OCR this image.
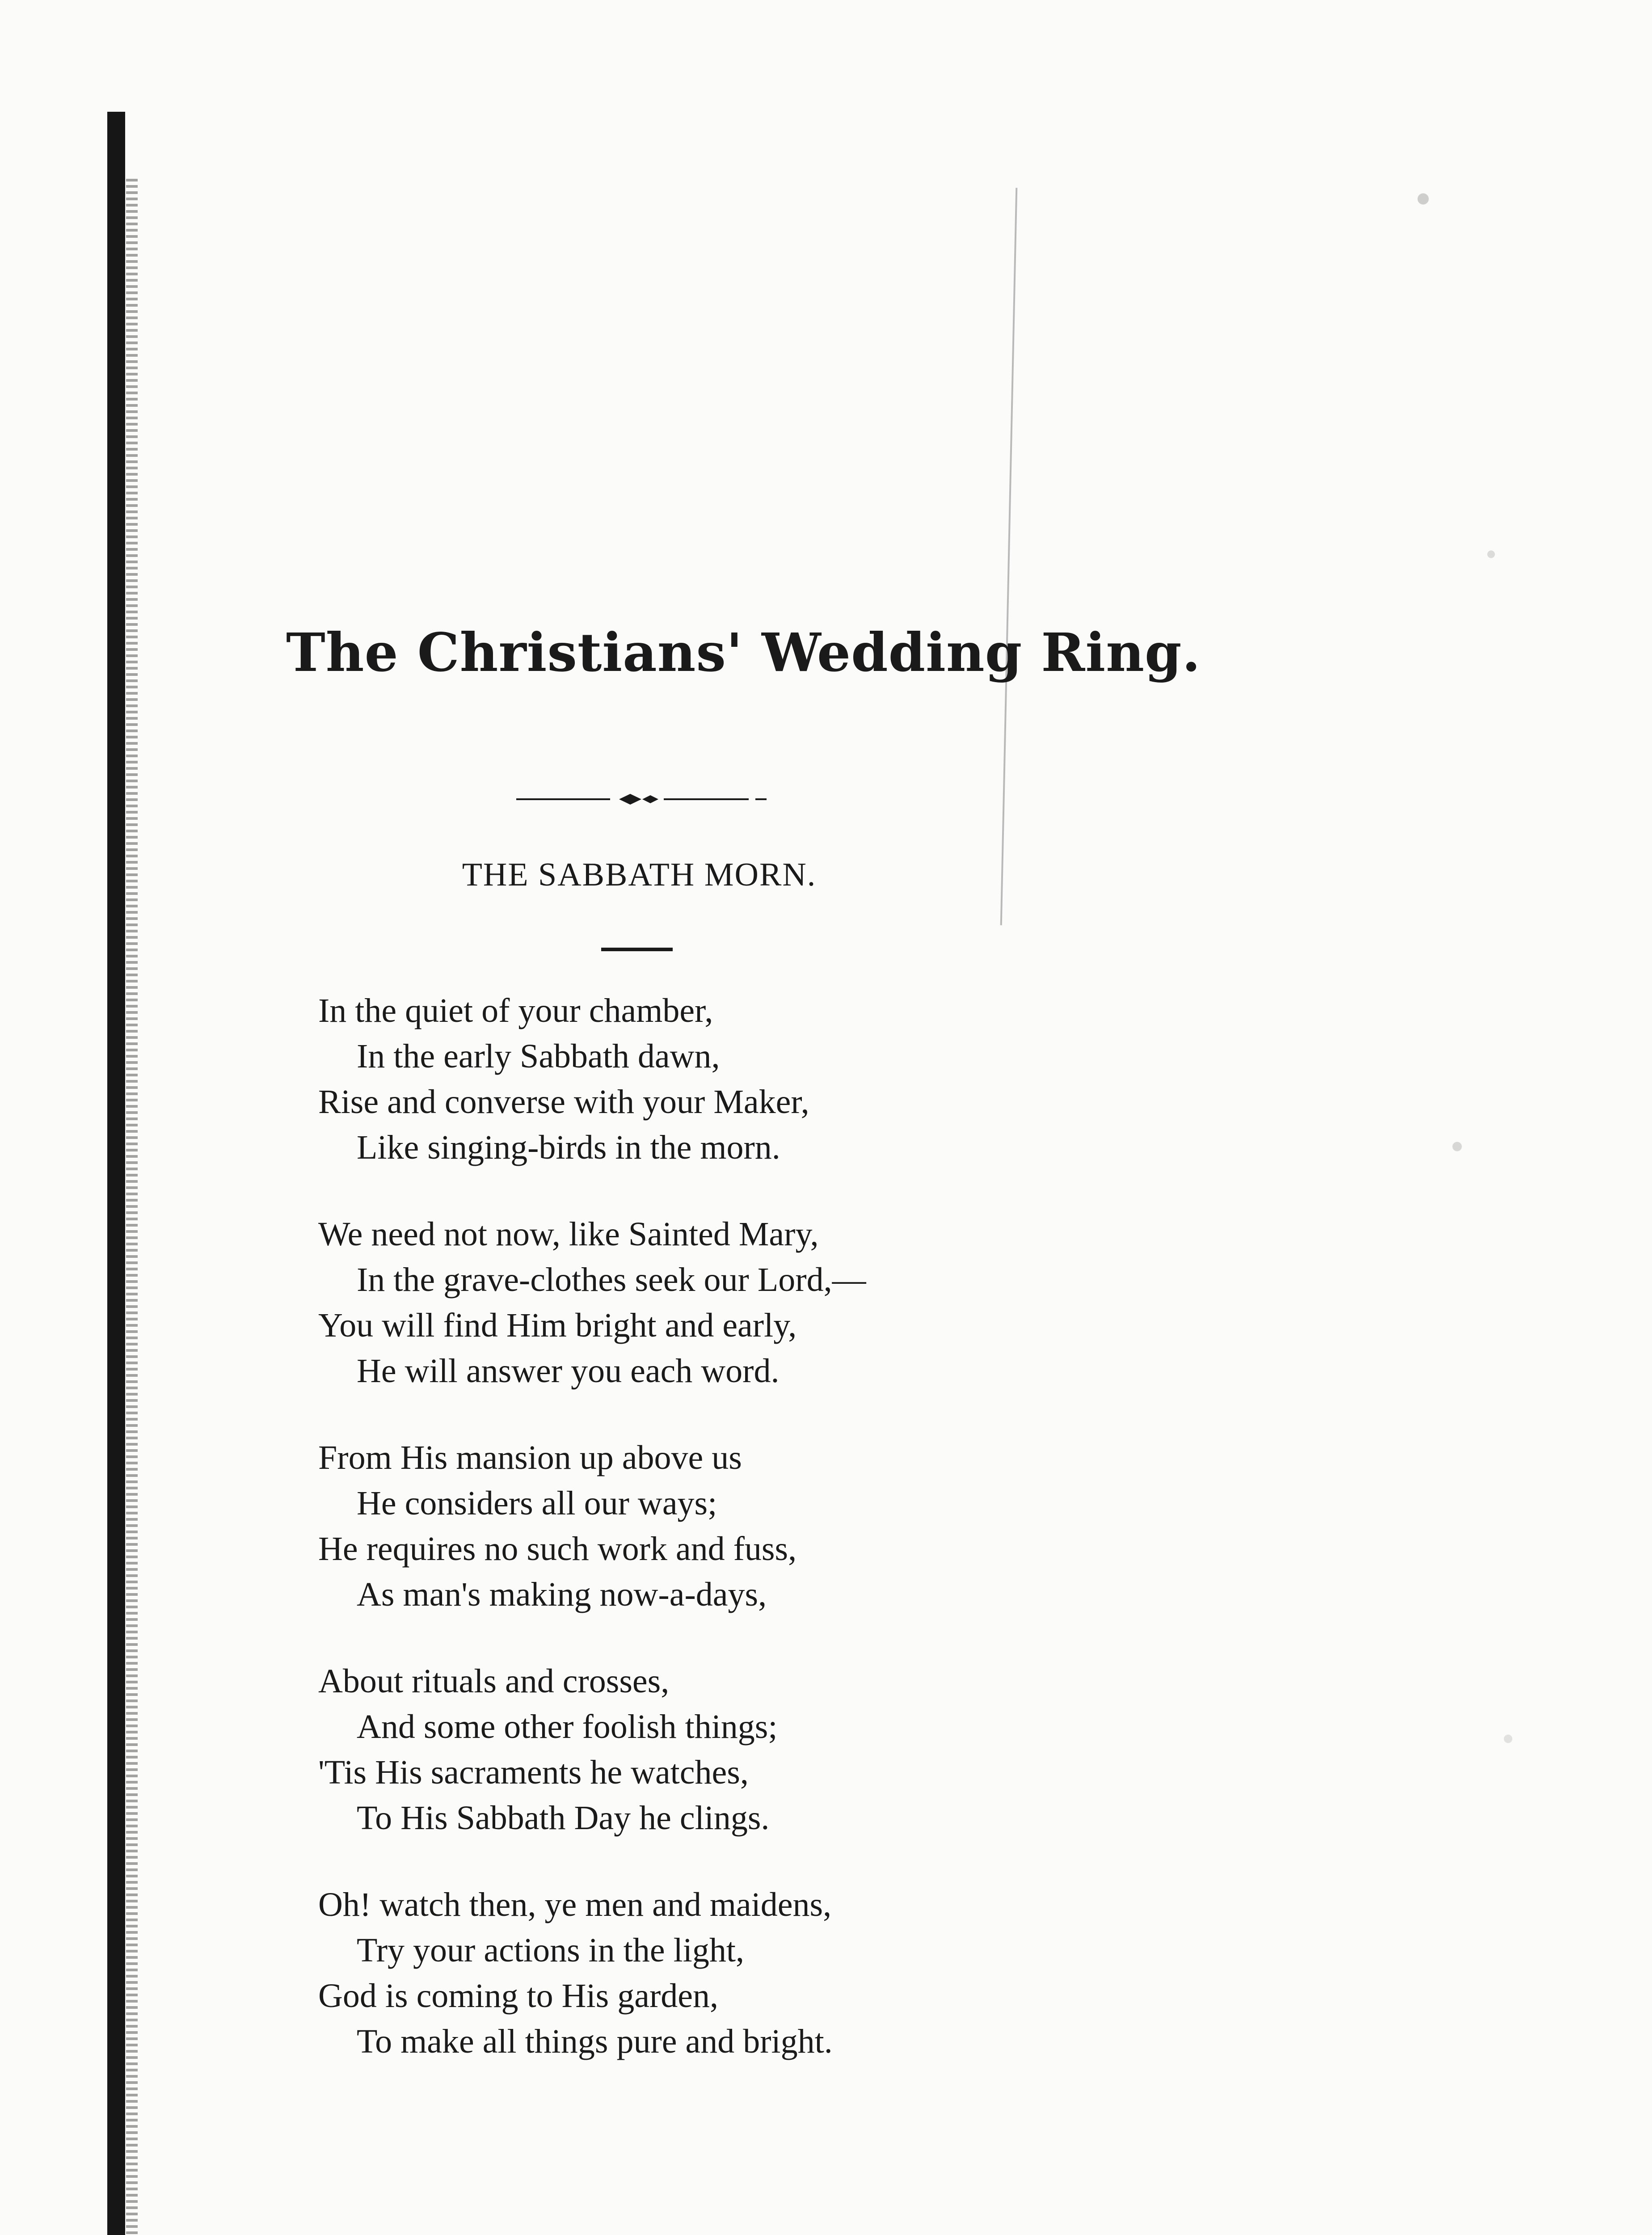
The Christians' Wedding Ring.
THE SABBATH MORN.
In the quiet of your chamber,
In the early Sabbath dawn,
Rise and converse with your Maker,
Like singing-birds in the morn.
We need not now, like Sainted Mary,
In the grave-clothes seek our Lord,—
You will find Him bright and early,
He will answer you each word.
From His mansion up above us
He considers all our ways;
He requires no such work and fuss,
As man's making now-a-days,
About rituals and crosses,
And some other foolish things;
'Tis His sacraments he watches,
To His Sabbath Day he clings.
Oh! watch then, ye men and maidens,
Try your actions in the light,
God is coming to His garden,
To make all things pure and bright.
